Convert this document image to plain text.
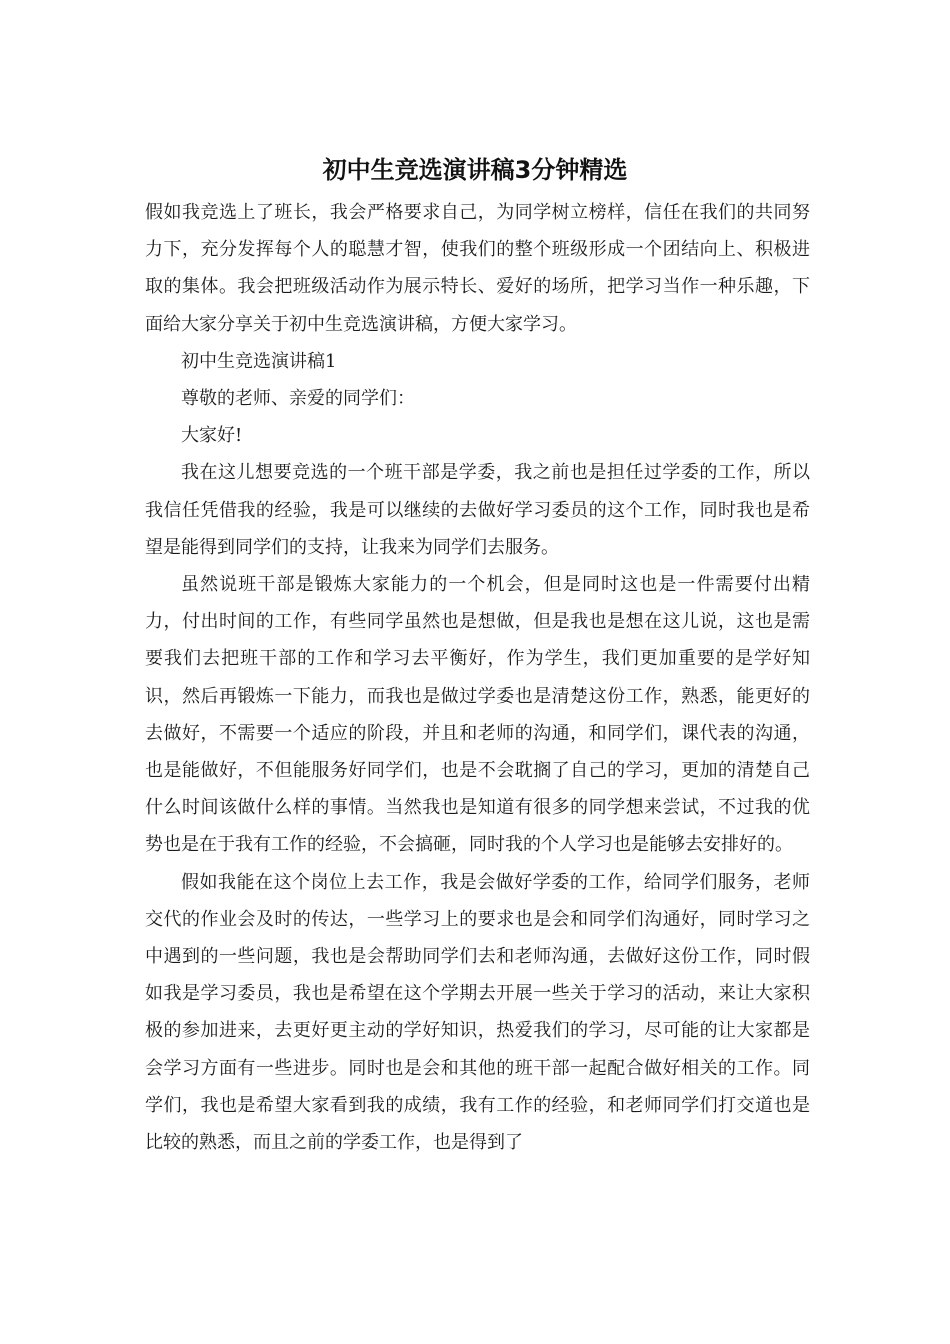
初中生竞选演讲稿3分钟精选

假如我竞选上了班长，我会严格要求自己，为同学树立榜样，信任在我们的共同努力下，充分发挥每个人的聪慧才智，使我们的整个班级形成一个团结向上、积极进取的集体。我会把班级活动作为展示特长、爱好的场所，把学习当作一种乐趣，下面给大家分享关于初中生竞选演讲稿，方便大家学习。

初中生竞选演讲稿1

尊敬的老师、亲爱的同学们：

大家好!

我在这儿想要竞选的一个班干部是学委，我之前也是担任过学委的工作，所以我信任凭借我的经验，我是可以继续的去做好学习委员的这个工作，同时我也是希望是能得到同学们的支持，让我来为同学们去服务。

虽然说班干部是锻炼大家能力的一个机会，但是同时这也是一件需要付出精力，付出时间的工作，有些同学虽然也是想做，但是我也是想在这儿说，这也是需要我们去把班干部的工作和学习去平衡好，作为学生，我们更加重要的是学好知识，然后再锻炼一下能力，而我也是做过学委也是清楚这份工作，熟悉，能更好的去做好，不需要一个适应的阶段，并且和老师的沟通，和同学们，课代表的沟通，也是能做好，不但能服务好同学们，也是不会耽搁了自己的学习，更加的清楚自己什么时间该做什么样的事情。当然我也是知道有很多的同学想来尝试，不过我的优势也是在于我有工作的经验，不会搞砸，同时我的个人学习也是能够去安排好的。

假如我能在这个岗位上去工作，我是会做好学委的工作，给同学们服务，老师交代的作业会及时的传达，一些学习上的要求也是会和同学们沟通好，同时学习之中遇到的一些问题，我也是会帮助同学们去和老师沟通，去做好这份工作，同时假如我是学习委员，我也是希望在这个学期去开展一些关于学习的活动，来让大家积极的参加进来，去更好更主动的学好知识，热爱我们的学习，尽可能的让大家都是会学习方面有一些进步。同时也是会和其他的班干部一起配合做好相关的工作。同学们，我也是希望大家看到我的成绩，我有工作的经验，和老师同学们打交道也是比较的熟悉，而且之前的学委工作，也是得到了
